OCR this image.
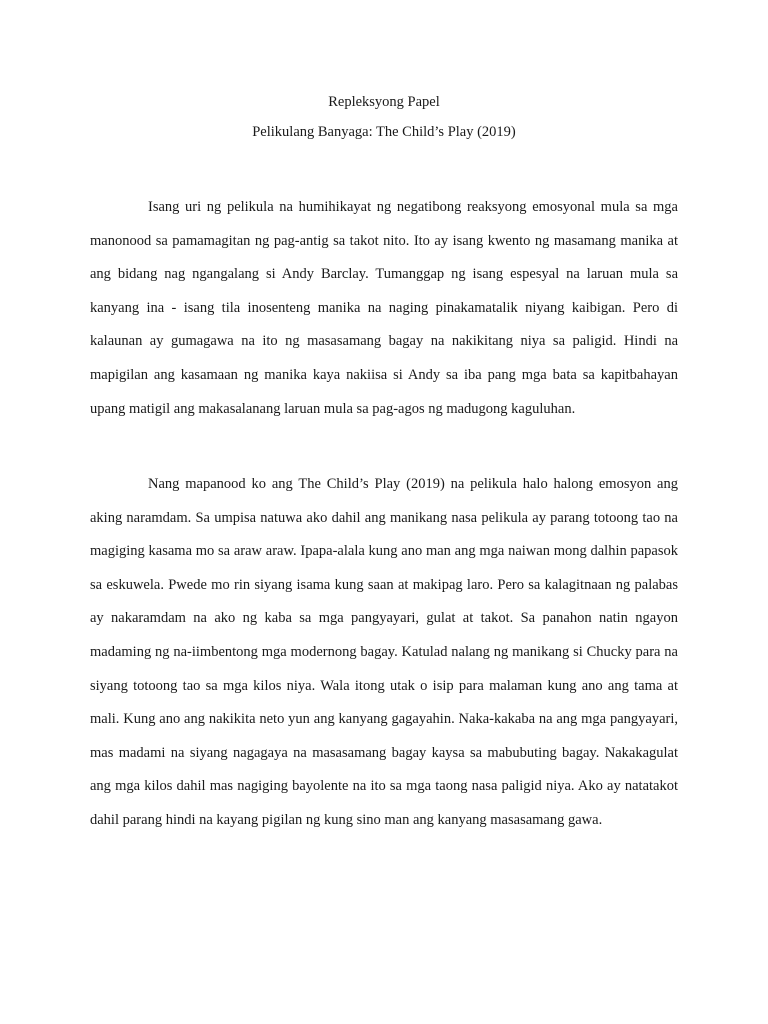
Repleksyong Papel

Pelikulang Banyaga: The Child’s Play (2019)

Isang uri ng pelikula na humihikayat ng negatibong reaksyong emosyonal mula sa mga manonood sa pamamagitan ng pag-antig sa takot nito. Ito ay isang kwento ng masamang manika at ang bidang nag ngangalang si Andy Barclay. Tumanggap ng isang espesyal na laruan mula sa kanyang ina - isang tila inosenteng manika na naging pinakamatalik niyang kaibigan. Pero di kalaunan ay gumagawa na ito ng masasamang bagay na nakikitang niya sa paligid. Hindi na mapigilan ang kasamaan ng manika kaya nakiisa si Andy sa iba pang mga bata sa kapitbahayan upang matigil ang makasalanang laruan mula sa pag-agos ng madugong kaguluhan.

Nang mapanood ko ang The Child’s Play (2019) na pelikula halo halong emosyon ang aking naramdam. Sa umpisa natuwa ako dahil ang manikang nasa pelikula ay parang totoong tao na magiging kasama mo sa araw araw. Ipapa-alala kung ano man ang mga naiwan mong dalhin papasok sa eskuwela. Pwede mo rin siyang isama kung saan at makipag laro. Pero sa kalagitnaan ng palabas ay nakaramdam na ako ng kaba sa mga pangyayari, gulat at takot. Sa panahon natin ngayon madaming ng na-iimbentong mga modernong bagay. Katulad nalang ng manikang si Chucky para na siyang totoong tao sa mga kilos niya. Wala itong utak o isip para malaman kung ano ang tama at mali. Kung ano ang nakikita neto yun ang kanyang gagayahin. Naka-kakaba na ang mga pangyayari, mas madami na siyang nagagaya na masasamang bagay kaysa sa mabubuting bagay. Nakakagulat ang mga kilos dahil mas nagiging bayolente na ito sa mga taong nasa paligid niya. Ako ay natatakot dahil parang hindi na kayang pigilan ng kung sino man ang kanyang masasamang gawa.
